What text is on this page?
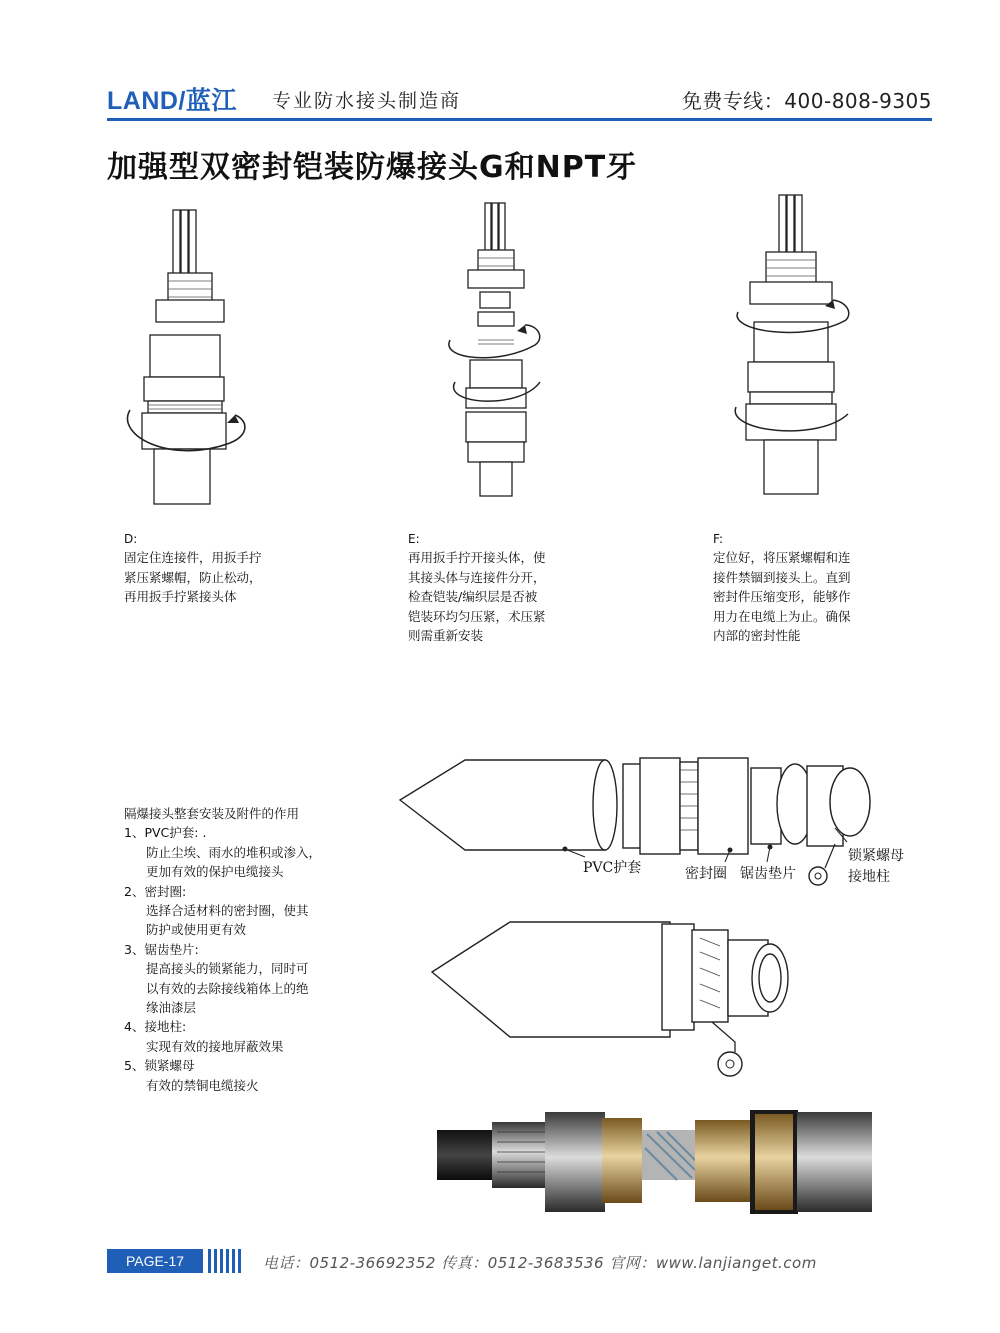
LAND/蓝江 专业防水接头制造商	免费专线：400-808-9305
加强型双密封铠装防爆接头G和NPT牙
D:
固定住连接件，用扳手拧
紧压紧螺帽，防止松动，
再用扳手拧紧接头体
E:
再用扳手拧开接头体，使
其接头体与连接件分开，
检查铠装/编织层是否被
铠装环均匀压紧，术压紧
则需重新安装
F:
定位好，将压紧螺帽和连
接件禁锢到接头上。直到
密封件压缩变形，能够作
用力在电缆上为止。确保
内部的密封性能
隔爆接头整套安装及附件的作用
1、PVC护套: .
防止尘埃、雨水的堆积或渗入，
更加有效的保护电缆接头
2、密封圈:
选择合适材料的密封圈，使其
防护或使用更有效
3、锯齿垫片:
提高接头的锁紧能力，同时可
以有效的去除接线箱体上的绝
缘油漆层
4、接地柱:
实现有效的接地屏蔽效果
5、锁紧螺母
有效的禁铜电缆接火
PVC护套	密封圈 锯齿垫片
锁紧螺母
接地柱
PAGE-17	电话：0512-36692352 传真：0512-3683536 官网：www.lanjianget.com
